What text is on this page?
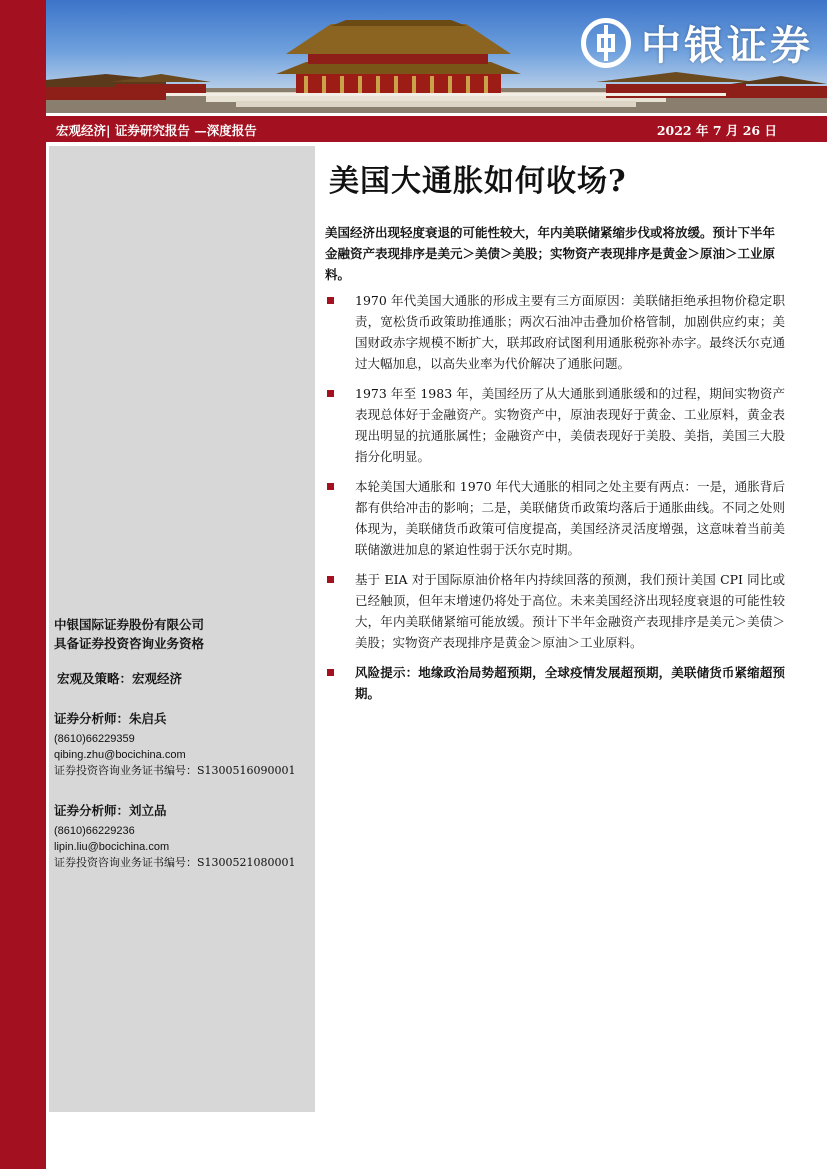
中银证券
宏观经济| 证券研究报告 —深度报告	2022 年 7 月 26 日
中银国际证券股份有限公司
具备证券投资咨询业务资格
宏观及策略：宏观经济
证券分析师：朱启兵
(8610)66229359
qibing.zhu@bocichina.com
证券投资咨询业务证书编号：S1300516090001
证券分析师：刘立品
(8610)66229236
lipin.liu@bocichina.com
证券投资咨询业务证书编号：S1300521080001
美国大通胀如何收场?
美国经济出现轻度衰退的可能性较大，年内美联储紧缩步伐或将放缓。预计下半年金融资产表现排序是美元＞美债＞美股；实物资产表现排序是黄金＞原油＞工业原料。
1970 年代美国大通胀的形成主要有三方面原因：美联储拒绝承担物价稳定职责，宽松货币政策助推通胀；两次石油冲击叠加价格管制，加剧供应约束；美国财政赤字规模不断扩大，联邦政府试图利用通胀税弥补赤字。最终沃尔克通过大幅加息，以高失业率为代价解决了通胀问题。
1973 年至 1983 年，美国经历了从大通胀到通胀缓和的过程，期间实物资产表现总体好于金融资产。实物资产中，原油表现好于黄金、工业原料，黄金表现出明显的抗通胀属性；金融资产中，美债表现好于美股、美指，美国三大股指分化明显。
本轮美国大通胀和 1970 年代大通胀的相同之处主要有两点：一是，通胀背后都有供给冲击的影响；二是，美联储货币政策均落后于通胀曲线。不同之处则体现为，美联储货币政策可信度提高，美国经济灵活度增强，这意味着当前美联储激进加息的紧迫性弱于沃尔克时期。
基于 EIA 对于国际原油价格年内持续回落的预测，我们预计美国 CPI 同比或已经触顶，但年末增速仍将处于高位。未来美国经济出现轻度衰退的可能性较大，年内美联储紧缩可能放缓。预计下半年金融资产表现排序是美元＞美债＞美股；实物资产表现排序是黄金＞原油＞工业原料。
风险提示：地缘政治局势超预期，全球疫情发展超预期，美联储货币紧缩超预期。
